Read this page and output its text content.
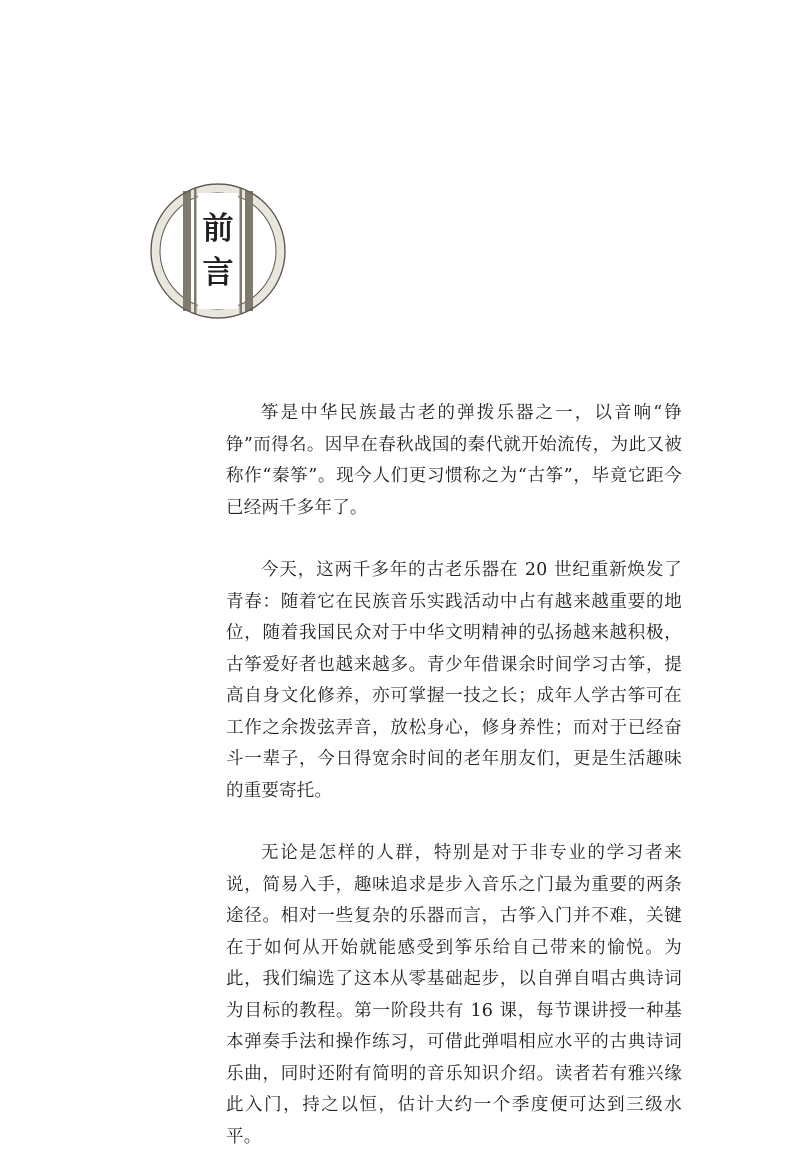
前
言

筝是中华民族最古老的弹拨乐器之一，以音响“铮铮”而得名。因早在春秋战国的秦代就开始流传，为此又被称作“秦筝”。现今人们更习惯称之为“古筝”，毕竟它距今已经两千多年了。

今天，这两千多年的古老乐器在 20 世纪重新焕发了青春：随着它在民族音乐实践活动中占有越来越重要的地位，随着我国民众对于中华文明精神的弘扬越来越积极，古筝爱好者也越来越多。青少年借课余时间学习古筝，提高自身文化修养，亦可掌握一技之长；成年人学古筝可在工作之余拨弦弄音，放松身心，修身养性；而对于已经奋斗一辈子，今日得宽余时间的老年朋友们，更是生活趣味的重要寄托。

无论是怎样的人群，特别是对于非专业的学习者来说，简易入手，趣味追求是步入音乐之门最为重要的两条途径。相对一些复杂的乐器而言，古筝入门并不难，关键在于如何从开始就能感受到筝乐给自己带来的愉悦。为此，我们编选了这本从零基础起步，以自弹自唱古典诗词为目标的教程。第一阶段共有 16 课，每节课讲授一种基本弹奏手法和操作练习，可借此弹唱相应水平的古典诗词乐曲，同时还附有简明的音乐知识介绍。读者若有雅兴缘此入门，持之以恒，估计大约一个季度便可达到三级水平。
